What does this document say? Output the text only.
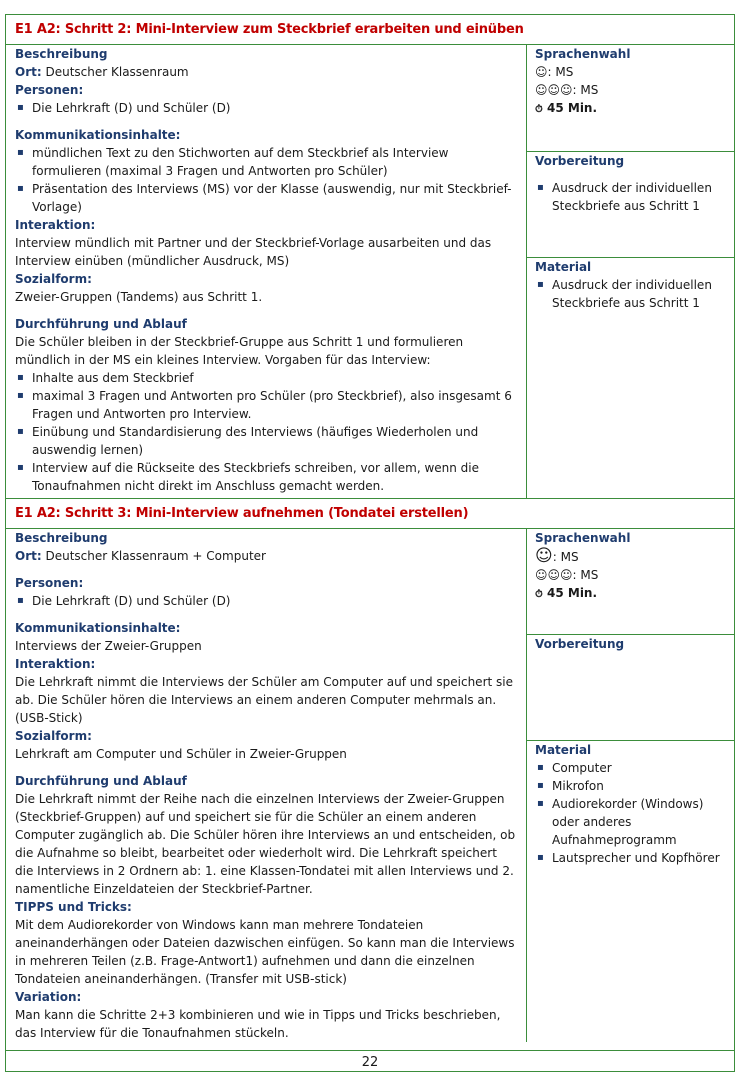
E1 A2: Schritt 2: Mini-Interview zum Steckbrief erarbeiten und einüben
Beschreibung
Ort: Deutscher Klassenraum
Personen:
▪ Die Lehrkraft (D) und Schüler (D)
Kommunikationsinhalte:
▪ mündlichen Text zu den Stichworten auf dem Steckbrief als Interview formulieren (maximal 3 Fragen und Antworten pro Schüler)
▪ Präsentation des Interviews (MS) vor der Klasse (auswendig, nur mit Steckbrief-Vorlage)
Interaktion:
Interview mündlich mit Partner und der Steckbrief-Vorlage ausarbeiten und das Interview einüben (mündlicher Ausdruck, MS)
Sozialform:
Zweier-Gruppen (Tandems) aus Schritt 1.
Durchführung und Ablauf
Die Schüler bleiben in der Steckbrief-Gruppe aus Schritt 1 und formulieren mündlich in der MS ein kleines Interview. Vorgaben für das Interview:
▪ Inhalte aus dem Steckbrief
▪ maximal 3 Fragen und Antworten pro Schüler (pro Steckbrief), also insgesamt 6 Fragen und Antworten pro Interview.
▪ Einübung und Standardisierung des Interviews (häufiges Wiederholen und auswendig lernen)
▪ Interview auf die Rückseite des Steckbriefs schreiben, vor allem, wenn die Tonaufnahmen nicht direkt im Anschluss gemacht werden.
Sprachenwahl
☺: MS
☺☺☺: MS
⏱ 45 Min.
Vorbereitung
▪ Ausdruck der individuellen Steckbriefe aus Schritt 1
Material
▪ Ausdruck der individuellen Steckbriefe aus Schritt 1
E1 A2: Schritt 3: Mini-Interview aufnehmen (Tondatei erstellen)
Beschreibung
Ort: Deutscher Klassenraum + Computer
Personen:
▪ Die Lehrkraft (D) und Schüler (D)
Kommunikationsinhalte:
Interviews der Zweier-Gruppen
Interaktion:
Die Lehrkraft nimmt die Interviews der Schüler am Computer auf und speichert sie ab. Die Schüler hören die Interviews an einem anderen Computer mehrmals an. (USB-Stick)
Sozialform:
Lehrkraft am Computer und Schüler in Zweier-Gruppen
Durchführung und Ablauf
Die Lehrkraft nimmt der Reihe nach die einzelnen Interviews der Zweier-Gruppen (Steckbrief-Gruppen) auf und speichert sie für die Schüler an einem anderen Computer zugänglich ab. Die Schüler hören ihre Interviews an und entscheiden, ob die Aufnahme so bleibt, bearbeitet oder wiederholt wird. Die Lehrkraft speichert die Interviews in 2 Ordnern ab: 1. eine Klassen-Tondatei mit allen Interviews und 2. namentliche Einzeldateien der Steckbrief-Partner.
TIPPS und Tricks:
Mit dem Audiorekorder von Windows kann man mehrere Tondateien aneinanderhängen oder Dateien dazwischen einfügen. So kann man die Interviews in mehreren Teilen (z.B. Frage-Antwort1) aufnehmen und dann die einzelnen Tondateien aneinanderhängen. (Transfer mit USB-stick)
Variation:
Man kann die Schritte 2+3 kombinieren und wie in Tipps und Tricks beschrieben, das Interview für die Tonaufnahmen stückeln.
Sprachenwahl
☺: MS
☺☺☺: MS
⏱ 45 Min.
Vorbereitung
Material
▪ Computer
▪ Mikrofon
▪ Audiorekorder (Windows) oder anderes Aufnahmeprogramm
▪ Lautsprecher und Kopfhörer
22
